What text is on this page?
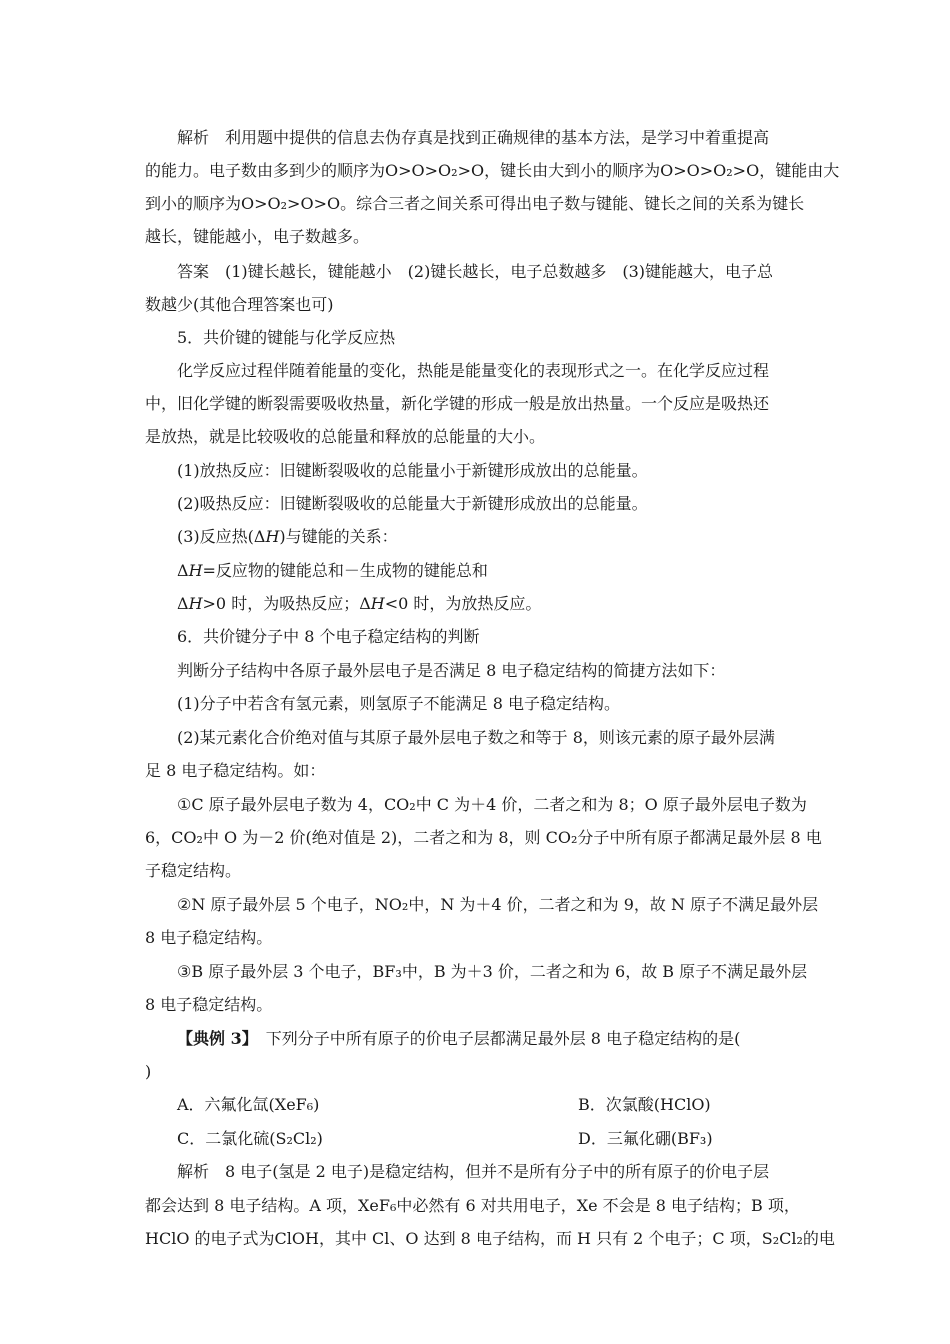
解析　利用题中提供的信息去伪存真是找到正确规律的基本方法，是学习中着重提高
的能力。电子数由多到少的顺序为O>O>O₂>O，键长由大到小的顺序为O>O>O₂>O，键能由大
到小的顺序为O>O₂>O>O。综合三者之间关系可得出电子数与键能、键长之间的关系为键长
越长，键能越小，电子数越多。
答案　(1)键长越长，键能越小　(2)键长越长，电子总数越多　(3)键能越大，电子总
数越少(其他合理答案也可)
5．共价键的键能与化学反应热
化学反应过程伴随着能量的变化，热能是能量变化的表现形式之一。在化学反应过程
中，旧化学键的断裂需要吸收热量，新化学键的形成一般是放出热量。一个反应是吸热还
是放热，就是比较吸收的总能量和释放的总能量的大小。
(1)放热反应：旧键断裂吸收的总能量小于新键形成放出的总能量。
(2)吸热反应：旧键断裂吸收的总能量大于新键形成放出的总能量。
(3)反应热(ΔH)与键能的关系：
ΔH=反应物的键能总和－生成物的键能总和
ΔH>0 时，为吸热反应；ΔH<0 时，为放热反应。
6．共价键分子中 8 个电子稳定结构的判断
判断分子结构中各原子最外层电子是否满足 8 电子稳定结构的简捷方法如下：
(1)分子中若含有氢元素，则氢原子不能满足 8 电子稳定结构。
(2)某元素化合价绝对值与其原子最外层电子数之和等于 8，则该元素的原子最外层满
足 8 电子稳定结构。如：
①C 原子最外层电子数为 4，CO₂中 C 为＋4 价，二者之和为 8；O 原子最外层电子数为
6，CO₂中 O 为－2 价(绝对值是 2)，二者之和为 8，则 CO₂分子中所有原子都满足最外层 8 电
子稳定结构。
②N 原子最外层 5 个电子，NO₂中，N 为＋4 价，二者之和为 9，故 N 原子不满足最外层
8 电子稳定结构。
③B 原子最外层 3 个电子，BF₃中，B 为＋3 价，二者之和为 6，故 B 原子不满足最外层
8 电子稳定结构。
【典例 3】　下列分子中所有原子的价电子层都满足最外层 8 电子稳定结构的是(
)
A．六氟化氙(XeF₆)	B．次氯酸(HClO)
C．二氯化硫(S₂Cl₂)	D．三氟化硼(BF₃)
解析　8 电子(氢是 2 电子)是稳定结构，但并不是所有分子中的所有原子的价电子层
都会达到 8 电子结构。A 项，XeF₆中必然有 6 对共用电子，Xe 不会是 8 电子结构；B 项，
HClO 的电子式为ClOH，其中 Cl、O 达到 8 电子结构，而 H 只有 2 个电子；C 项，S₂Cl₂的电
